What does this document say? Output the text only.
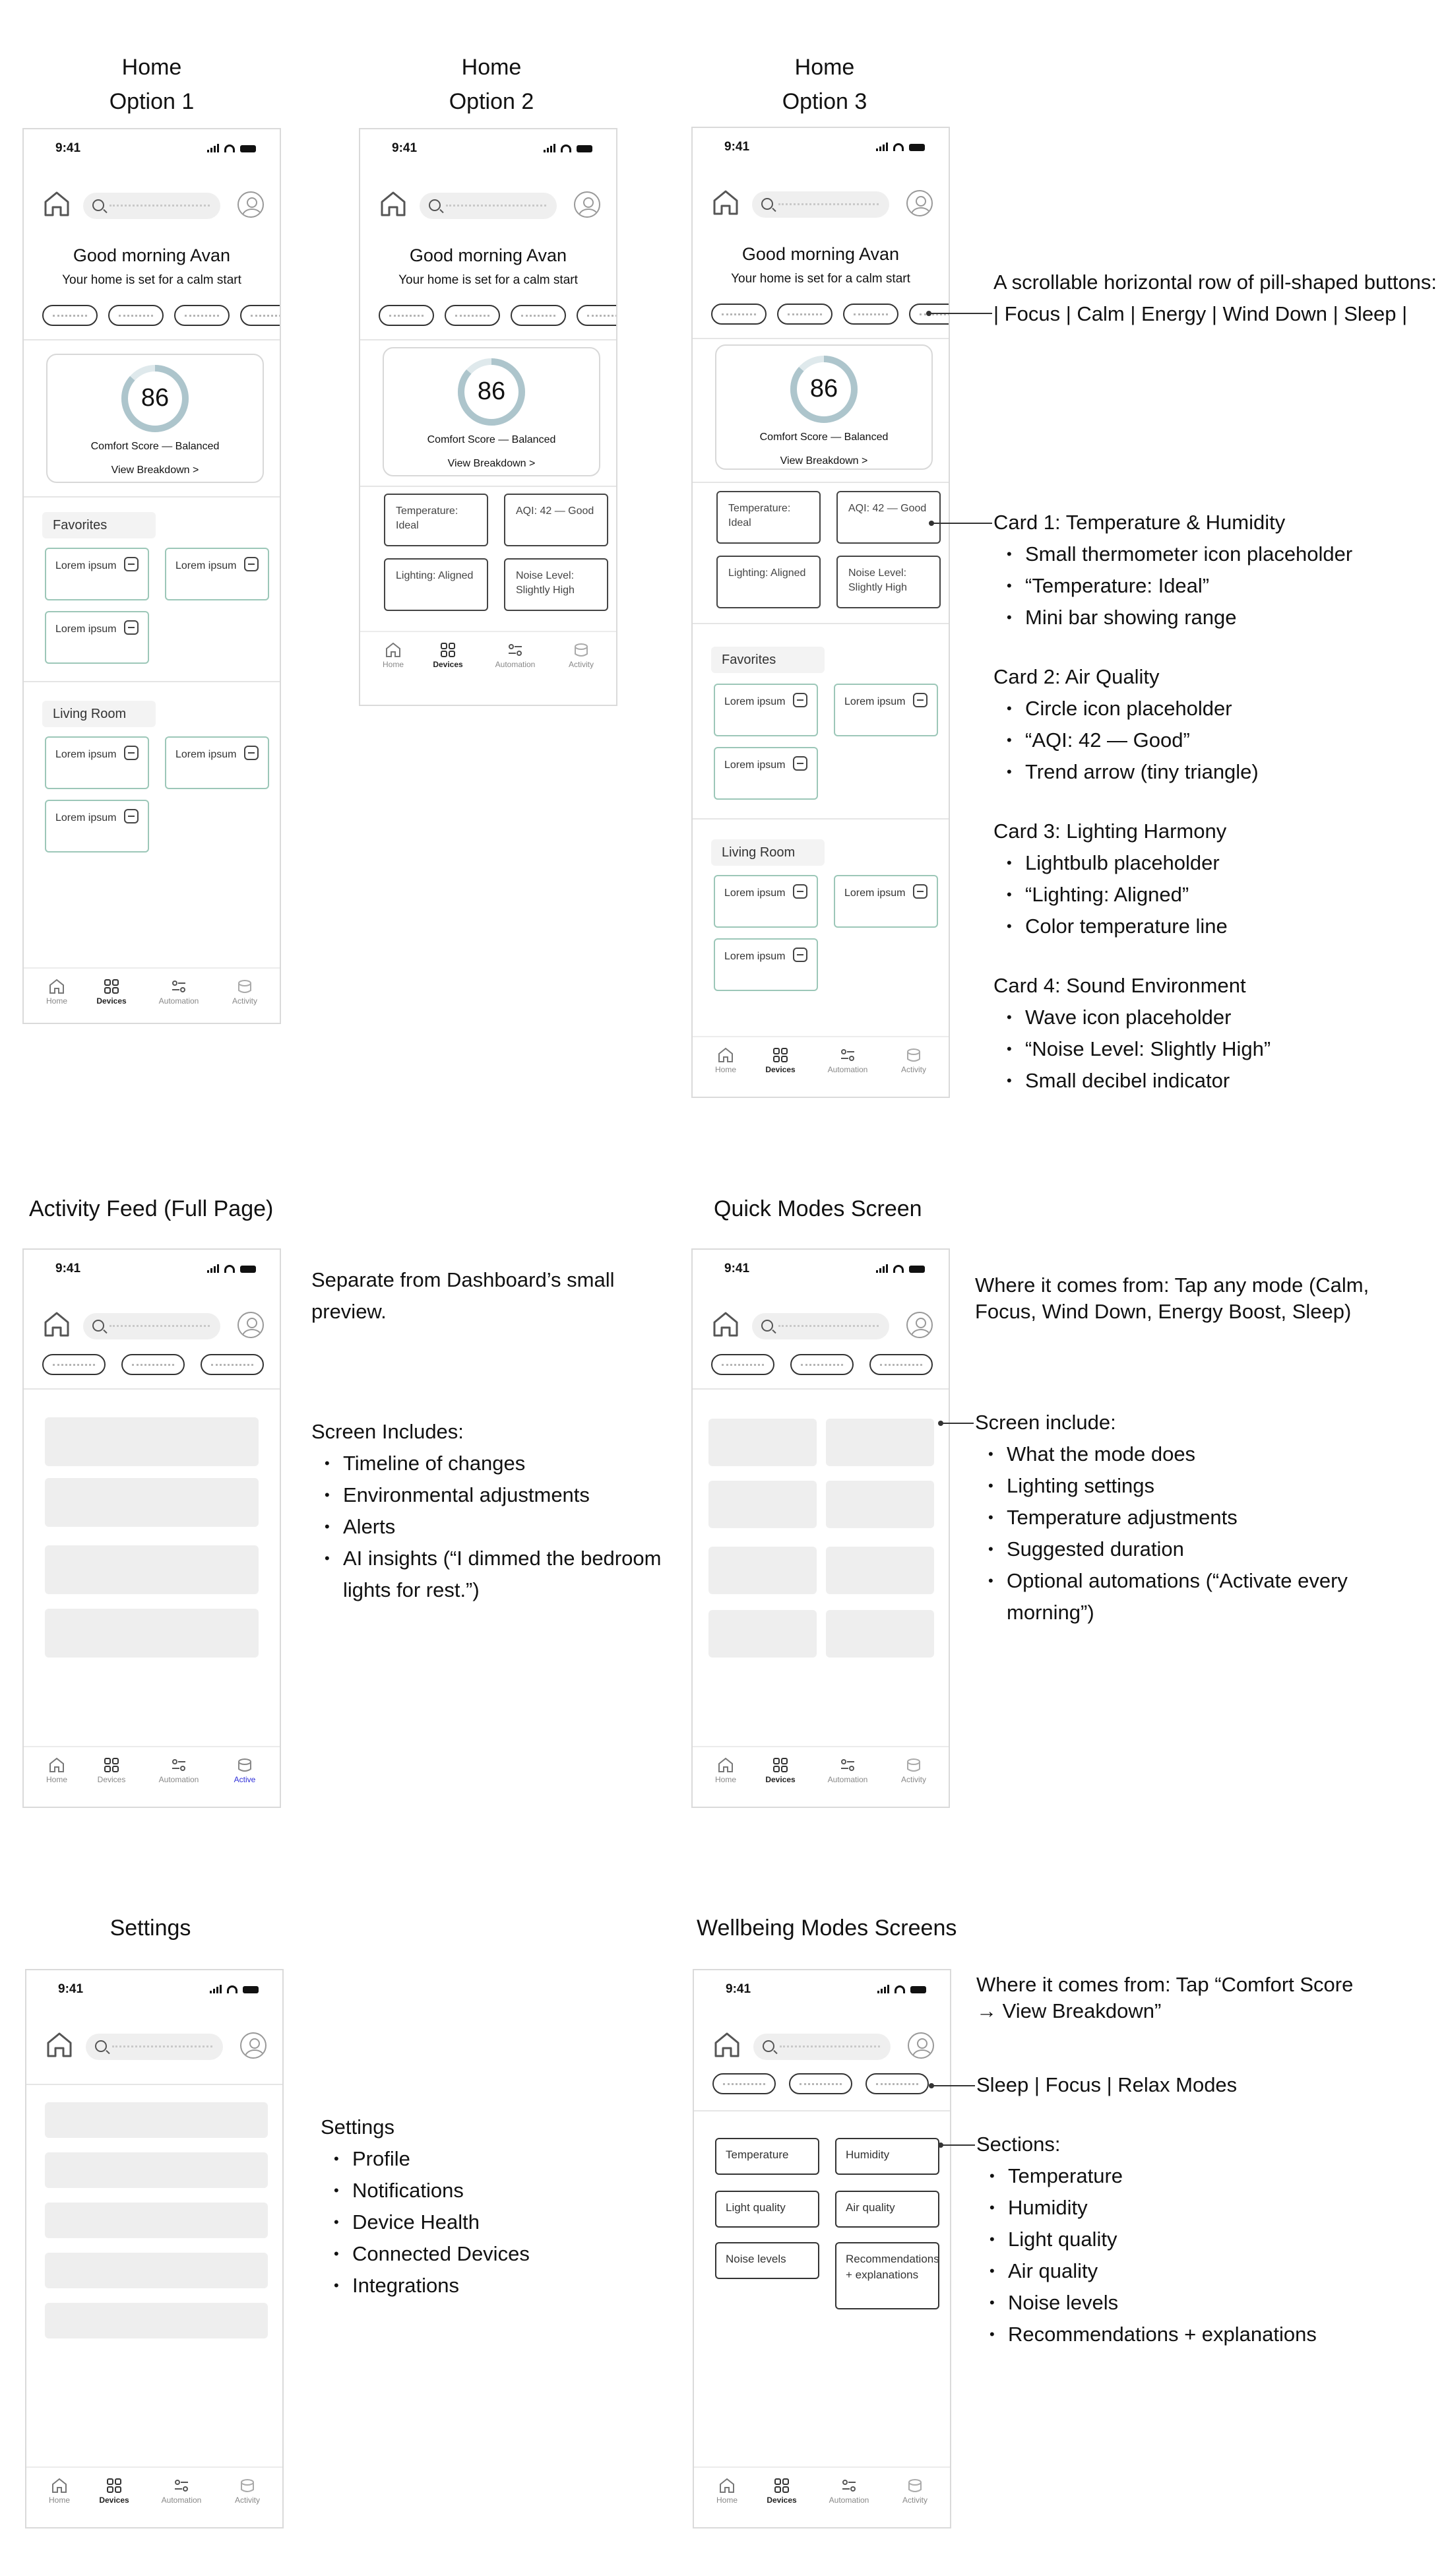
Home
Option 1
Home
Option 2
Home
Option 3
Activity Feed (Full Page)	Quick Modes Screen
Settings	Wellbeing Modes Screens
9:41
Good morning Avan
Your home is set for a calm start
86
Comfort Score — Balanced
View Breakdown >
Favorites
Lorem ipsum	Lorem ipsum
Lorem ipsum
Living Room
Lorem ipsum	Lorem ipsum
Lorem ipsum
Home	Devices	Automation	Activity
9:41
Good morning Avan
Your home is set for a calm start
86
Comfort Score — Balanced
View Breakdown >
Temperature: Ideal
AQI: 42 — Good
Lighting: Aligned	Noise Level: Slightly High
Home	Devices	Automation	Activity
9:41
Good morning Avan
Your home is set for a calm start
86
Comfort Score — Balanced
View Breakdown >
Temperature: Ideal
AQI: 42 — Good
Lighting: Aligned	Noise Level: Slightly High
Favorites
Lorem ipsum	Lorem ipsum
Lorem ipsum
Living Room
Lorem ipsum	Lorem ipsum
Lorem ipsum
Home	Devices	Automation	Activity
A scrollable horizontal row of pill-shaped buttons:
| Focus | Calm | Energy | Wind Down | Sleep |
Card 1: Temperature & Humidity
• Small thermometer icon placeholder
• “Temperature: Ideal”
• Mini bar showing range
Card 2: Air Quality
• Circle icon placeholder
• “AQI: 42 — Good”
• Trend arrow (tiny triangle)
Card 3: Lighting Harmony
• Lightbulb placeholder
• “Lighting: Aligned”
• Color temperature line
Card 4: Sound Environment
• Wave icon placeholder
• “Noise Level: Slightly High”
• Small decibel indicator
9:41
Home	Devices	Automation	Active
Separate from Dashboard’s small
preview.
Screen Includes:
• Timeline of changes
• Environmental adjustments
• Alerts
• AI insights (“I dimmed the bedroom
lights for rest.”)
9:41
Home	Devices	Automation	Activity
Where it comes from: Tap any mode (Calm,
Focus, Wind Down, Energy Boost, Sleep)
Screen include:
• What the mode does
• Lighting settings
• Temperature adjustments
• Suggested duration
• Optional automations (“Activate every
morning”)
9:41
Home	Devices	Automation	Activity
Settings
• Profile
• Notifications
• Device Health
• Connected Devices
• Integrations
9:41
Temperature	Humidity
Light quality	Air quality
Noise levels	Recommendations + explanations
Home	Devices	Automation	Activity
Where it comes from: Tap “Comfort Score
→ View Breakdown”
Sleep | Focus | Relax Modes
Sections:
• Temperature
• Humidity
• Light quality
• Air quality
• Noise levels
• Recommendations + explanations
